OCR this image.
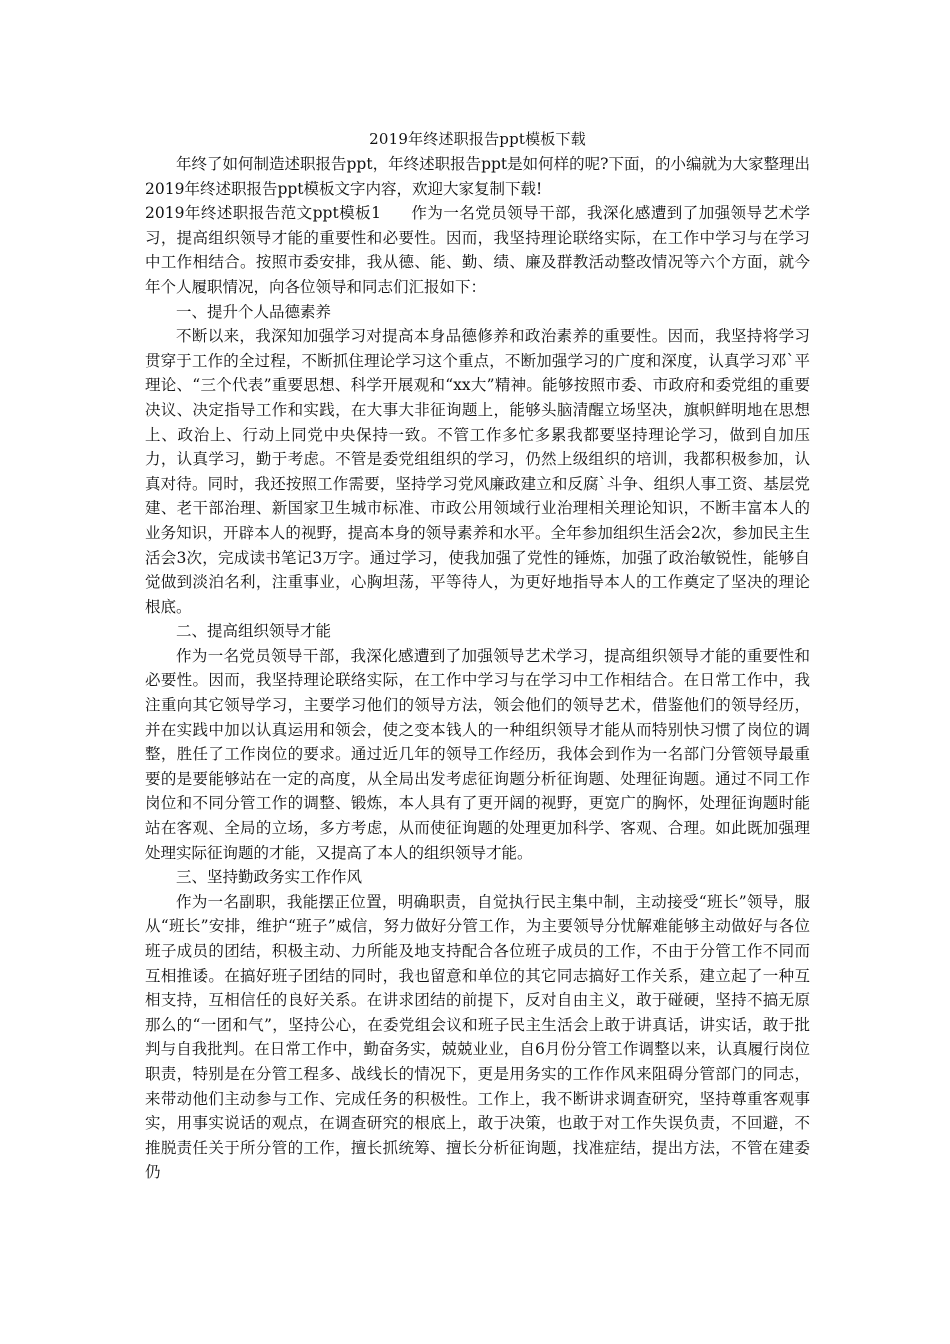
2019年终述职报告ppt模板下载

年终了如何制造述职报告ppt，年终述职报告ppt是如何样的呢?下面，的小编就为大家整理出2019年终述职报告ppt模板文字内容，欢迎大家复制下载!

2019年终述职报告范文ppt模板1 作为一名党员领导干部，我深化感遭到了加强领导艺术学习，提高组织领导才能的重要性和必要性。因而，我坚持理论联络实际，在工作中学习与在学习中工作相结合。按照市委安排，我从德、能、勤、绩、廉及群教活动整改情况等六个方面，就今年个人履职情况，向各位领导和同志们汇报如下：

一、提升个人品德素养

不断以来，我深知加强学习对提高本身品德修养和政治素养的重要性。因而，我坚持将学习贯穿于工作的全过程，不断抓住理论学习这个重点，不断加强学习的广度和深度，认真学习邓`平理论、“三个代表”重要思想、科学开展观和“xx大”精神。能够按照市委、市政府和委党组的重要决议、决定指导工作和实践，在大事大非征询题上，能够头脑清醒立场坚决，旗帜鲜明地在思想上、政治上、行动上同党中央保持一致。不管工作多忙多累我都要坚持理论学习，做到自加压力，认真学习，勤于考虑。不管是委党组组织的学习，仍然上级组织的培训，我都积极参加，认真对待。同时，我还按照工作需要，坚持学习党风廉政建立和反腐`斗争、组织人事工资、基层党建、老干部治理、新国家卫生城市标准、市政公用领域行业治理相关理论知识，不断丰富本人的业务知识，开辟本人的视野，提高本身的领导素养和水平。全年参加组织生活会2次，参加民主生活会3次，完成读书笔记3万字。通过学习，使我加强了党性的锤炼，加强了政治敏锐性，能够自觉做到淡泊名利，注重事业，心胸坦荡，平等待人，为更好地指导本人的工作奠定了坚决的理论根底。

二、提高组织领导才能

作为一名党员领导干部，我深化感遭到了加强领导艺术学习，提高组织领导才能的重要性和必要性。因而，我坚持理论联络实际，在工作中学习与在学习中工作相结合。在日常工作中，我注重向其它领导学习，主要学习他们的领导方法，领会他们的领导艺术，借鉴他们的领导经历，并在实践中加以认真运用和领会，使之变本钱人的一种组织领导才能从而特别快习惯了岗位的调整，胜任了工作岗位的要求。通过近几年的领导工作经历，我体会到作为一名部门分管领导最重要的是要能够站在一定的高度，从全局出发考虑征询题分析征询题、处理征询题。通过不同工作岗位和不同分管工作的调整、锻炼，本人具有了更开阔的视野，更宽广的胸怀，处理征询题时能站在客观、全局的立场，多方考虑，从而使征询题的处理更加科学、客观、合理。如此既加强理处理实际征询题的才能，又提高了本人的组织领导才能。

三、坚持勤政务实工作作风

作为一名副职，我能摆正位置，明确职责，自觉执行民主集中制，主动接受“班长”领导，服从“班长”安排，维护“班子”威信，努力做好分管工作，为主要领导分忧解难能够主动做好与各位班子成员的团结，积极主动、力所能及地支持配合各位班子成员的工作，不由于分管工作不同而互相推诿。在搞好班子团结的同时，我也留意和单位的其它同志搞好工作关系，建立起了一种互相支持，互相信任的良好关系。在讲求团结的前提下，反对自由主义，敢于碰硬，坚持不搞无原那么的“一团和气”，坚持公心，在委党组会议和班子民主生活会上敢于讲真话，讲实话，敢于批判与自我批判。在日常工作中，勤奋务实，兢兢业业，自6月份分管工作调整以来，认真履行岗位职责，特别是在分管工程多、战线长的情况下，更是用务实的工作作风来阻碍分管部门的同志，来带动他们主动参与工作、完成任务的积极性。工作上，我不断讲求调查研究，坚持尊重客观事实，用事实说话的观点，在调查研究的根底上，敢于决策，也敢于对工作失误负责，不回避，不推脱责任关于所分管的工作，擅长抓统筹、擅长分析征询题，找准症结，提出方法，不管在建委仍
